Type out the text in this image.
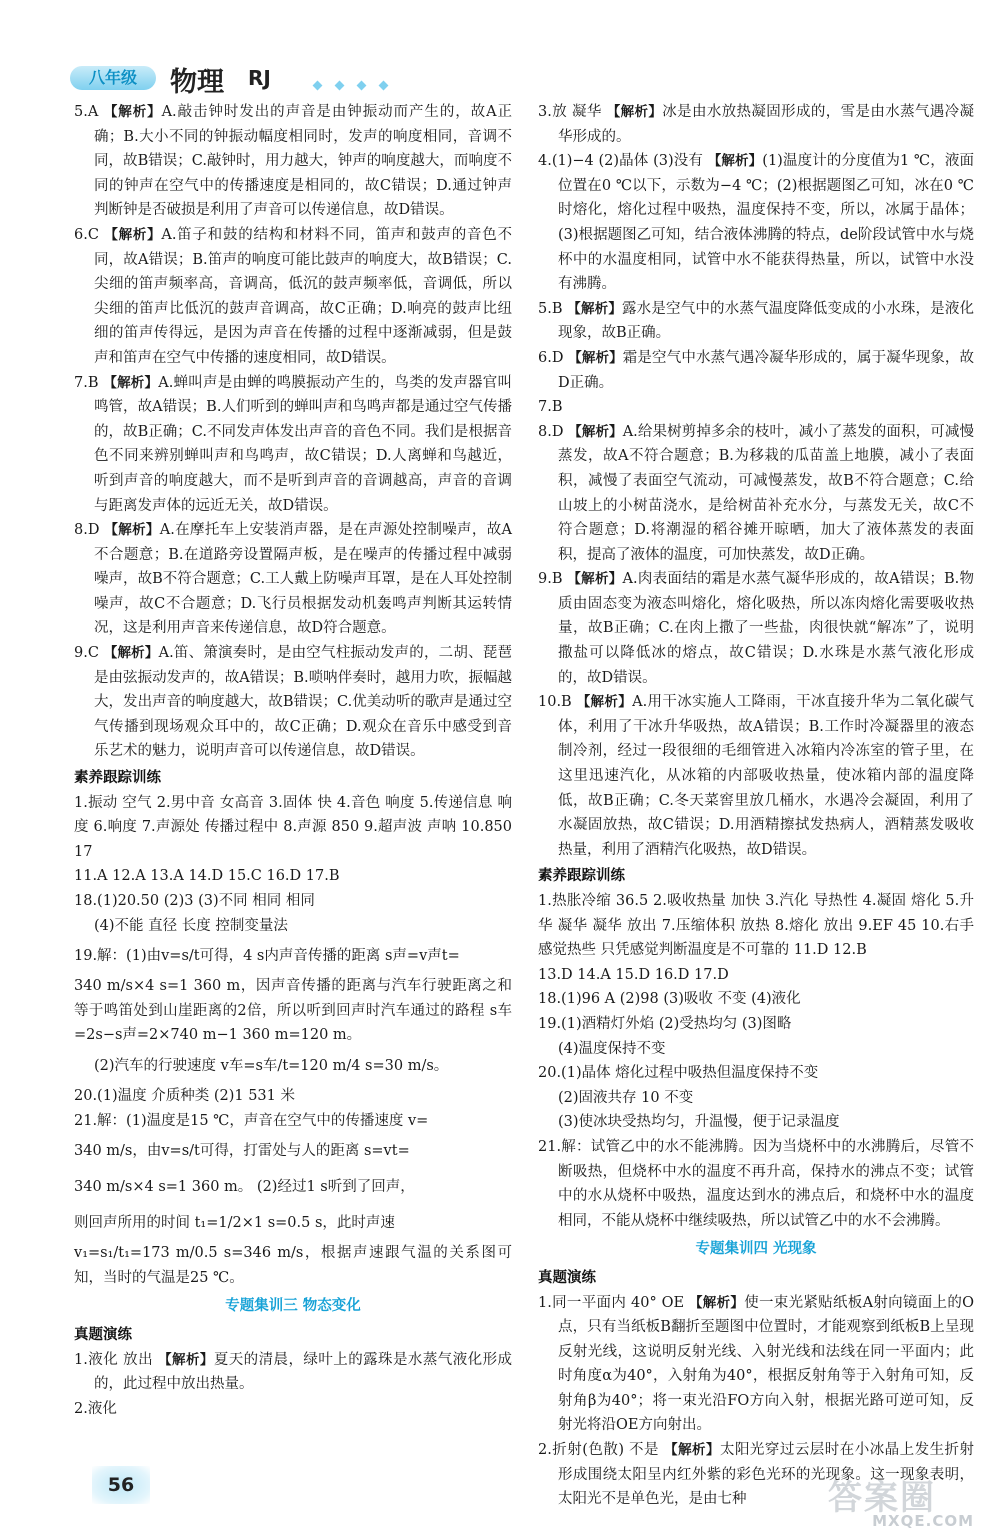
八年级	物理 RJ

5.A 【解析】A.敲击钟时发出的声音是由钟振动而产生的，故A正确；B.大小不同的钟振动幅度相同时，发声的响度相同，音调不同，故B错误；C.敲钟时，用力越大，钟声的响度越大，而响度不同的钟声在空气中的传播速度是相同的，故C错误；D.通过钟声判断钟是否破损是利用了声音可以传递信息，故D错误。

6.C 【解析】A.笛子和鼓的结构和材料不同，笛声和鼓声的音色不同，故A错误；B.笛声的响度可能比鼓声的响度大，故B错误；C.尖细的笛声频率高，音调高，低沉的鼓声频率低，音调低，所以尖细的笛声比低沉的鼓声音调高，故C正确；D.响亮的鼓声比纽细的笛声传得远，是因为声音在传播的过程中逐渐减弱，但是鼓声和笛声在空气中传播的速度相同，故D错误。

7.B 【解析】A.蝉叫声是由蝉的鸣膜振动产生的，鸟类的发声器官叫鸣管，故A错误；B.人们听到的蝉叫声和鸟鸣声都是通过空气传播的，故B正确；C.不同发声体发出声音的音色不同。我们是根据音色不同来辨别蝉叫声和鸟鸣声，故C错误；D.人离蝉和鸟越近，听到声音的响度越大，而不是听到声音的音调越高，声音的音调与距离发声体的远近无关，故D错误。

8.D 【解析】A.在摩托车上安装消声器，是在声源处控制噪声，故A不合题意；B.在道路旁设置隔声板，是在噪声的传播过程中减弱噪声，故B不符合题意；C.工人戴上防噪声耳罩，是在人耳处控制噪声，故C不合题意；D.飞行员根据发动机轰鸣声判断其运转情况，这是利用声音来传递信息，故D符合题意。

9.C 【解析】A.笛、箫演奏时，是由空气柱振动发声的，二胡、琵琶是由弦振动发声的，故A错误；B.唢呐伴奏时，越用力吹，振幅越大，发出声音的响度越大，故B错误；C.优美动听的歌声是通过空气传播到现场观众耳中的，故C正确；D.观众在音乐中感受到音乐艺术的魅力，说明声音可以传递信息，故D错误。

素养跟踪训练

1.振动 空气 2.男中音 女高音 3.固体 快 4.音色 响度 5.传递信息 响度 6.响度 7.声源处 传播过程中 8.声源 850 9.超声波 声呐 10.850 17

11.A 12.A 13.A 14.D 15.C 16.D 17.B

18.(1)20.50 (2)3 (3)不同 相同 相同

(4)不能 直径 长度 控制变量法

19.解：(1)由v=s/t可得，4 s内声音传播的距离 s声=v声t=

340 m/s×4 s=1 360 m，因声音传播的距离与汽车行驶距离之和等于鸣笛处到山崖距离的2倍，所以听到回声时汽车通过的路程 s车=2s−s声=2×740 m−1 360 m=120 m。

(2)汽车的行驶速度 v车=s车/t=120 m/4 s=30 m/s。

20.(1)温度 介质种类 (2)1 531 米

21.解：(1)温度是15 ℃，声音在空气中的传播速度 v=

340 m/s，由v=s/t可得，打雷处与人的距离 s=vt=

340 m/s×4 s=1 360 m。 (2)经过1 s听到了回声，

则回声所用的时间 t₁=1/2×1 s=0.5 s，此时声速

v₁=s₁/t₁=173 m/0.5 s=346 m/s，根据声速跟气温的关系图可知，当时的气温是25 ℃。

专题集训三 物态变化

真题演练

1.液化 放出 【解析】夏天的清晨，绿叶上的露珠是水蒸气液化形成的，此过程中放出热量。

2.液化

3.放 凝华 【解析】冰是由水放热凝固形成的，雪是由水蒸气遇冷凝华形成的。

4.(1)−4 (2)晶体 (3)没有 【解析】(1)温度计的分度值为1 ℃，液面位置在0 ℃以下，示数为−4 ℃；(2)根据题图乙可知，冰在0 ℃时熔化，熔化过程中吸热，温度保持不变，所以，冰属于晶体；(3)根据题图乙可知，结合液体沸腾的特点，de阶段试管中水与烧杯中的水温度相同，试管中水不能获得热量，所以，试管中水没有沸腾。

5.B 【解析】露水是空气中的水蒸气温度降低变成的小水珠，是液化现象，故B正确。

6.D 【解析】霜是空气中水蒸气遇冷凝华形成的，属于凝华现象，故D正确。

7.B

8.D 【解析】A.给果树剪掉多余的枝叶，减小了蒸发的面积，可减慢蒸发，故A不符合题意；B.为移栽的瓜苗盖上地膜，减小了表面积，减慢了表面空气流动，可减慢蒸发，故B不符合题意；C.给山坡上的小树苗浇水，是给树苗补充水分，与蒸发无关，故C不符合题意；D.将潮湿的稻谷摊开晾晒，加大了液体蒸发的表面积，提高了液体的温度，可加快蒸发，故D正确。

9.B 【解析】A.肉表面结的霜是水蒸气凝华形成的，故A错误；B.物质由固态变为液态叫熔化，熔化吸热，所以冻肉熔化需要吸收热量，故B正确；C.在肉上撒了一些盐，肉很快就“解冻”了，说明撒盐可以降低冰的熔点，故C错误；D.水珠是水蒸气液化形成的，故D错误。

10.B 【解析】A.用干冰实施人工降雨，干冰直接升华为二氧化碳气体，利用了干冰升华吸热，故A错误；B.工作时冷凝器里的液态制冷剂，经过一段很细的毛细管进入冰箱内冷冻室的管子里，在这里迅速汽化，从冰箱的内部吸收热量，使冰箱内部的温度降低，故B正确；C.冬天菜窖里放几桶水，水遇冷会凝固，利用了水凝固放热，故C错误；D.用酒精擦拭发热病人，酒精蒸发吸收热量，利用了酒精汽化吸热，故D错误。

素养跟踪训练

1.热胀冷缩 36.5 2.吸收热量 加快 3.汽化 导热性 4.凝固 熔化 5.升华 凝华 凝华 放出 7.压缩体积 放热 8.熔化 放出 9.EF 45 10.右手感觉热些 只凭感觉判断温度是不可靠的 11.D 12.B

13.D 14.A 15.D 16.D 17.D

18.(1)96 A (2)98 (3)吸收 不变 (4)液化

19.(1)酒精灯外焰 (2)受热均匀 (3)图略

(4)温度保持不变

20.(1)晶体 熔化过程中吸热但温度保持不变

(2)固液共存 10 不变

(3)使冰块受热均匀，升温慢，便于记录温度

21.解：试管乙中的水不能沸腾。因为当烧杯中的水沸腾后，尽管不断吸热，但烧杯中水的温度不再升高，保持水的沸点不变；试管中的水从烧杯中吸热，温度达到水的沸点后，和烧杯中水的温度相同，不能从烧杯中继续吸热，所以试管乙中的水不会沸腾。

专题集训四 光现象

真题演练

1.同一平面内 40° OE 【解析】使一束光紧贴纸板A射向镜面上的O点，只有当纸板B翻折至题图中位置时，才能观察到纸板B上呈现反射光线，这说明反射光线、入射光线和法线在同一平面内；此时角度α为40°，入射角为40°，根据反射角等于入射角可知，反射角β为40°；将一束光沿FO方向入射，根据光路可逆可知，反射光将沿OE方向射出。

2.折射(色散) 不是 【解析】太阳光穿过云层时在小冰晶上发生折射形成围绕太阳呈内红外紫的彩色光环的光现象。这一现象表明，太阳光不是单色光，是由七种

56	答案圈
MXQE.COM
